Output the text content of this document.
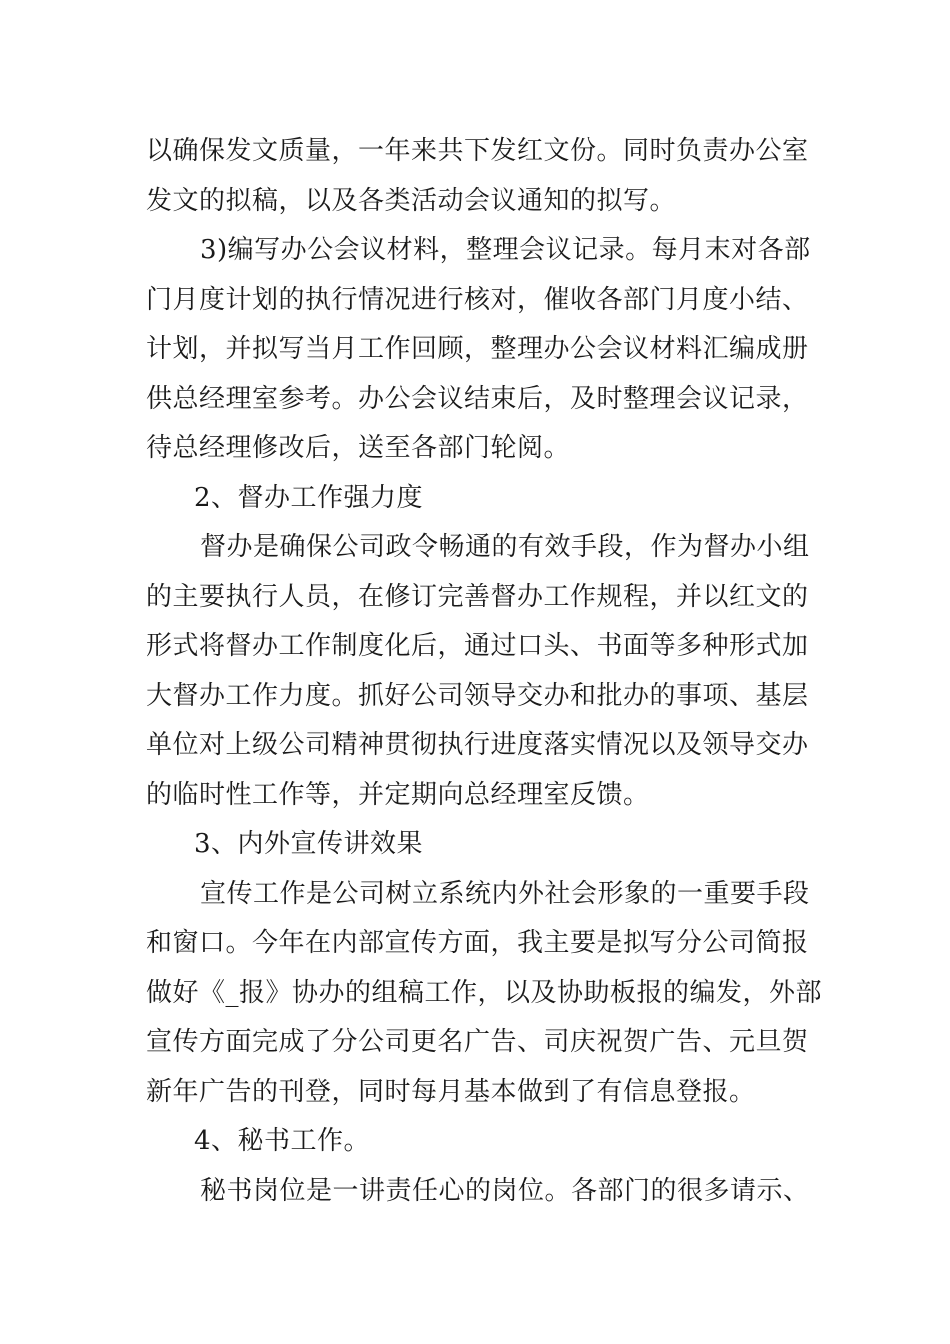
以确保发文质量，一年来共下发红文份。同时负责办公室
发文的拟稿，以及各类活动会议通知的拟写。
3)编写办公会议材料，整理会议记录。每月末对各部
门月度计划的执行情况进行核对，催收各部门月度小结、
计划，并拟写当月工作回顾，整理办公会议材料汇编成册
供总经理室参考。办公会议结束后，及时整理会议记录，
待总经理修改后，送至各部门轮阅。
2、督办工作强力度
督办是确保公司政令畅通的有效手段，作为督办小组
的主要执行人员，在修订完善督办工作规程，并以红文的
形式将督办工作制度化后，通过口头、书面等多种形式加
大督办工作力度。抓好公司领导交办和批办的事项、基层
单位对上级公司精神贯彻执行进度落实情况以及领导交办
的临时性工作等，并定期向总经理室反馈。
3、内外宣传讲效果
宣传工作是公司树立系统内外社会形象的一重要手段
和窗口。今年在内部宣传方面，我主要是拟写分公司简报
做好《_报》协办的组稿工作，以及协助板报的编发，外部
宣传方面完成了分公司更名广告、司庆祝贺广告、元旦贺
新年广告的刊登，同时每月基本做到了有信息登报。
4、秘书工作。
秘书岗位是一讲责任心的岗位。各部门的很多请示、
